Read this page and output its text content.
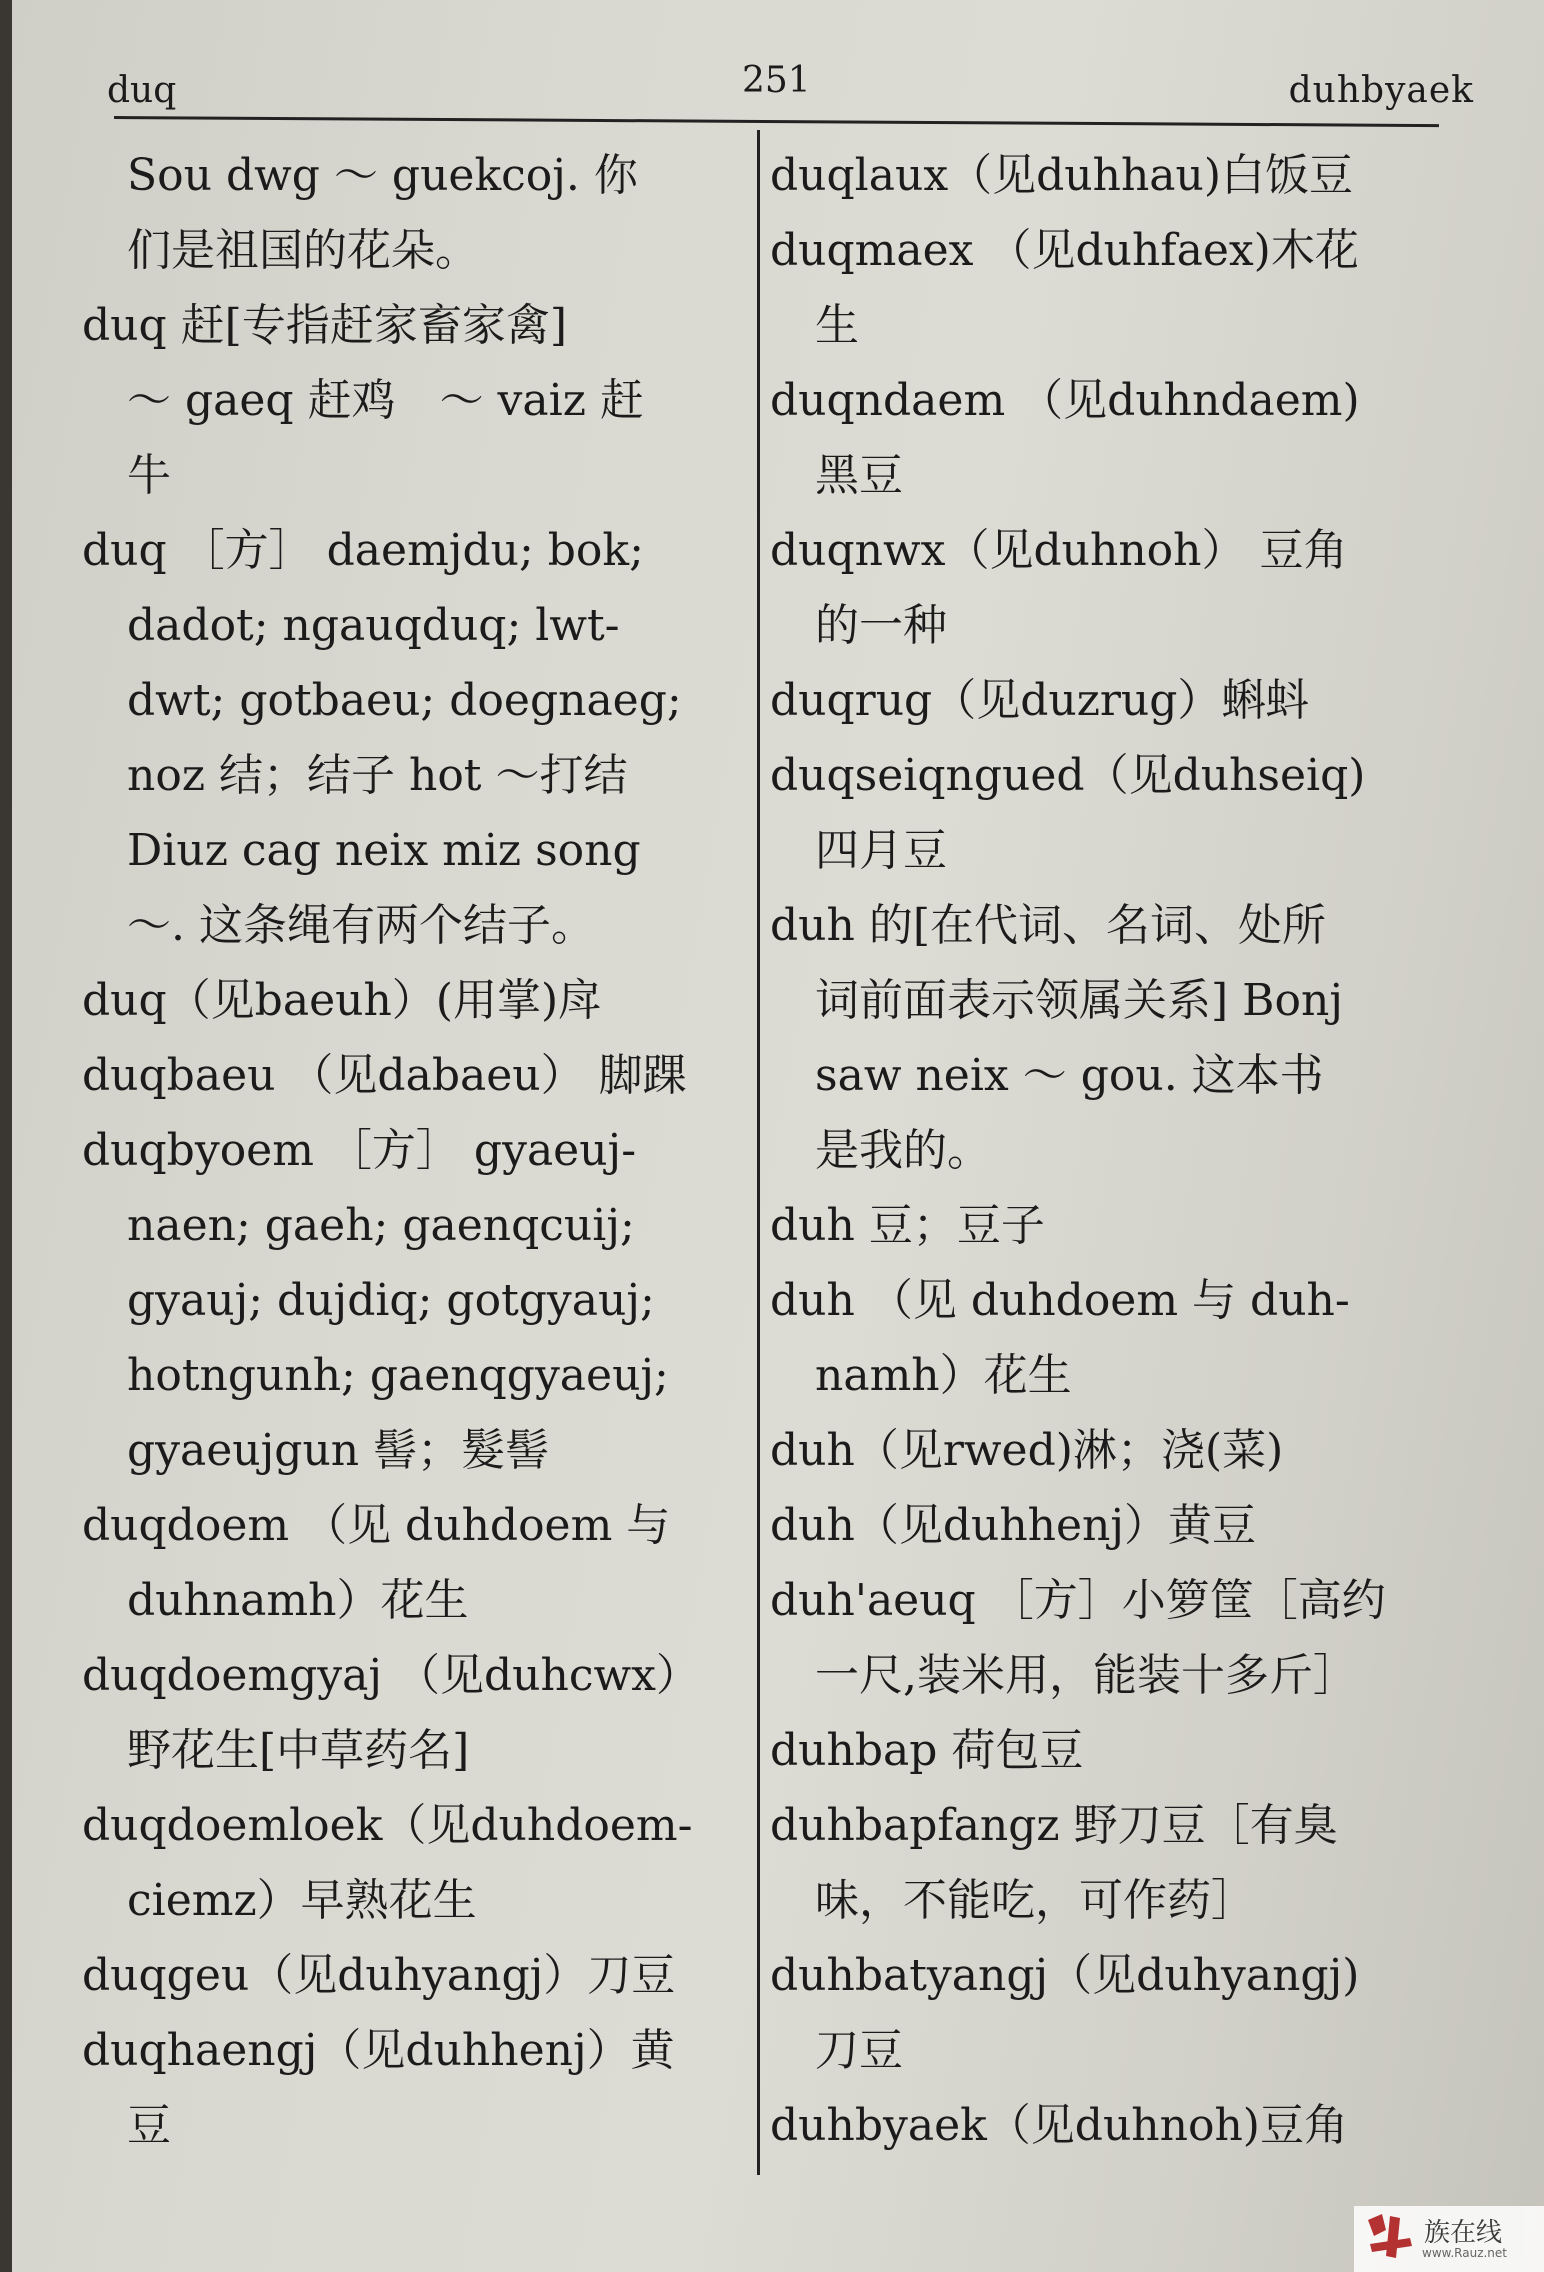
duq	251	duhbyaek
Sou dwg ～ guekcoj. 你
们是祖国的花朵。
duq 赶[专指赶家畜家禽]
～ gaeq 赶鸡　～ vaiz 赶
牛
duq ［方］ daemjdu; bok;
dadot; ngauqduq; lwt-
dwt; gotbaeu; doegnaeg;
noz 结；结子 hot ～打结
Diuz cag neix miz song
～. 这条绳有两个结子。
duq（见baeuh）(用掌)戽
duqbaeu （见dabaeu） 脚踝
duqbyoem ［方］ gyaeuj-
naen; gaeh; gaenqcuij;
gyauj; dujdiq; gotgyauj;
hotngunh; gaenqgyaeuj;
gyaeujgun 髻；髮髻
duqdoem （见 duhdoem 与
duhnamh）花生
duqdoemgyaj （见duhcwx）
野花生[中草药名]
duqdoemloek（见duhdoem-
ciemz）早熟花生
duqgeu（见duhyangj）刀豆
duqhaengj（见duhhenj）黄
豆
duqlaux（见duhhau)白饭豆
duqmaex （见duhfaex)木花
生
duqndaem （见duhndaem)
黑豆
duqnwx（见duhnoh） 豆角
的一种
duqrug（见duzrug）蝌蚪
duqseiqngued（见duhseiq)
四月豆
duh 的[在代词、名词、处所
词前面表示领属关系] Bonj
saw neix ～ gou. 这本书
是我的。
duh 豆；豆子
duh （见 duhdoem 与 duh-
namh）花生
duh（见rwed)淋；浇(菜)
duh（见duhhenj）黄豆
duh'aeuq ［方］小箩筐［高约
一尺,装米用，能装十多斤］
duhbap 荷包豆
duhbapfangz 野刀豆［有臭
味，不能吃，可作药］
duhbatyangj（见duhyangj)
刀豆
duhbyaek（见duhnoh)豆角
族在线
www.Rauz.net
